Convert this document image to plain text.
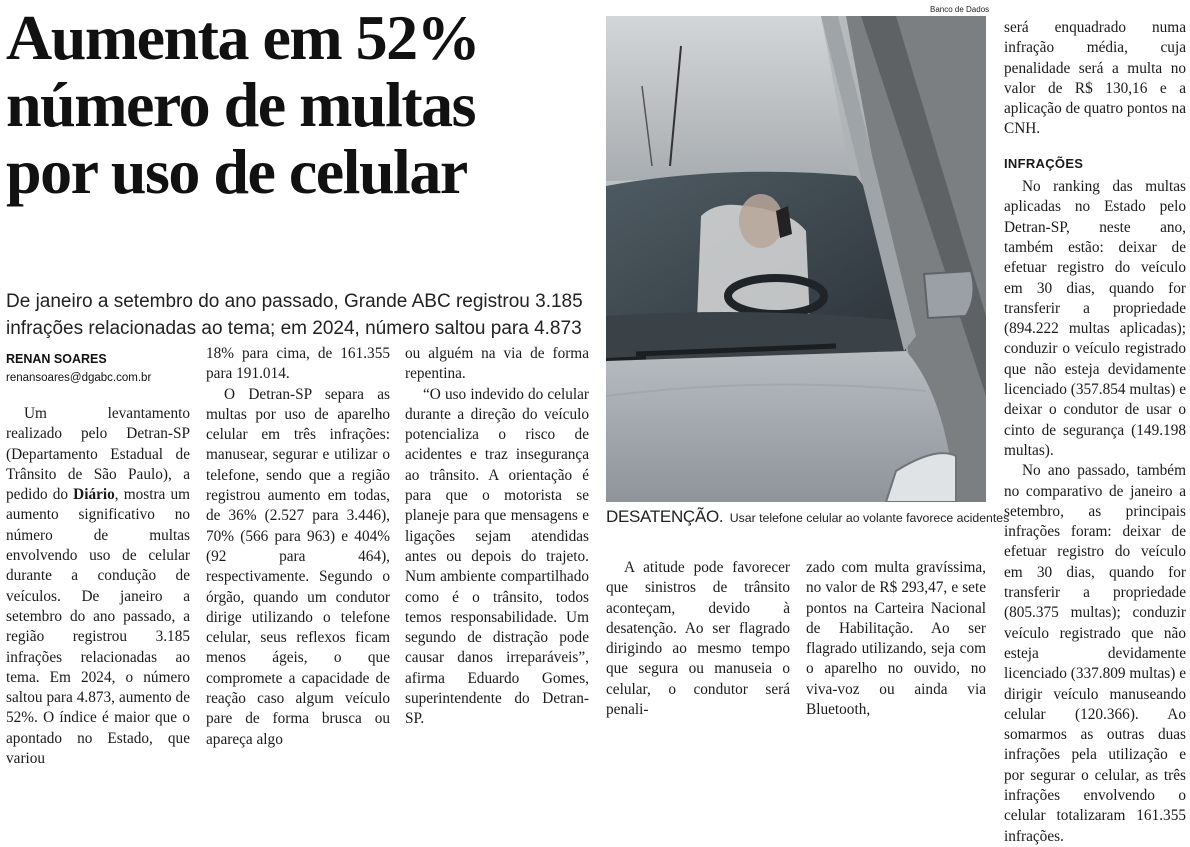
Aumenta em 52%
número de multas
por uso de celular
De janeiro a setembro do ano passado, Grande ABC registrou 3.185 infrações relacionadas ao tema; em 2024, número saltou para 4.873
RENAN SOARES
renansoares@dgabc.com.br

Um levantamento realizado pelo Detran-SP (Departamento Estadual de Trânsito de São Paulo), a pedido do Diário, mostra um aumento significativo no número de multas envolvendo uso de celular durante a condução de veículos. De janeiro a setembro do ano passado, a região registrou 3.185 infrações relacionadas ao tema. Em 2024, o número saltou para 4.873, aumento de 52%. O índice é maior que o apontado no Estado, que variou

18% para cima, de 161.355 para 191.014.

O Detran-SP separa as multas por uso de aparelho celular em três infrações: manusear, segurar e utilizar o telefone, sendo que a região registrou aumento em todas, de 36% (2.527 para 3.446), 70% (566 para 963) e 404% (92 para 464), respectivamente. Segundo o órgão, quando um condutor dirige utilizando o telefone celular, seus reflexos ficam menos ágeis, o que compromete a capacidade de reação caso algum veículo pare de forma brusca ou apareça algo

ou alguém na via de forma repentina.

“O uso indevido do celular durante a direção do veículo potencializa o risco de acidentes e traz insegurança ao trânsito. A orientação é para que o motorista se planeje para que mensagens e ligações sejam atendidas antes ou depois do trajeto. Num ambiente compartilhado como é o trânsito, todos temos responsabilidade. Um segundo de distração pode causar danos irreparáveis”, afirma Eduardo Gomes, superintendente do Detran-SP.

Banco de Dados
DESATENÇÃO. Usar telefone celular ao volante favorece acidentes

A atitude pode favorecer que sinistros de trânsito aconteçam, devido à desatenção. Ao ser flagrado dirigindo ao mesmo tempo que segura ou manuseia o celular, o condutor será penali-

zado com multa gravíssima, no valor de R$ 293,47, e sete pontos na Carteira Nacional de Habilitação. Ao ser flagrado utilizando, seja com o aparelho no ouvido, no viva-voz ou ainda via Bluetooth,

será enquadrado numa infração média, cuja penalidade será a multa no valor de R$ 130,16 e a aplicação de quatro pontos na CNH.

INFRAÇÕES

No ranking das multas aplicadas no Estado pelo Detran-SP, neste ano, também estão: deixar de efetuar registro do veículo em 30 dias, quando for transferir a propriedade (894.222 multas aplicadas); conduzir o veículo registrado que não esteja devidamente licenciado (357.854 multas) e deixar o condutor de usar o cinto de segurança (149.198 multas).

No ano passado, também no comparativo de janeiro a setembro, as principais infrações foram: deixar de efetuar registro do veículo em 30 dias, quando for transferir a propriedade (805.375 multas); conduzir veículo registrado que não esteja devidamente licenciado (337.809 multas) e dirigir veículo manuseando celular (120.366). Ao somarmos as outras duas infrações pela utilização e por segurar o celular, as três infrações envolvendo o celular totalizaram 161.355 infrações.
